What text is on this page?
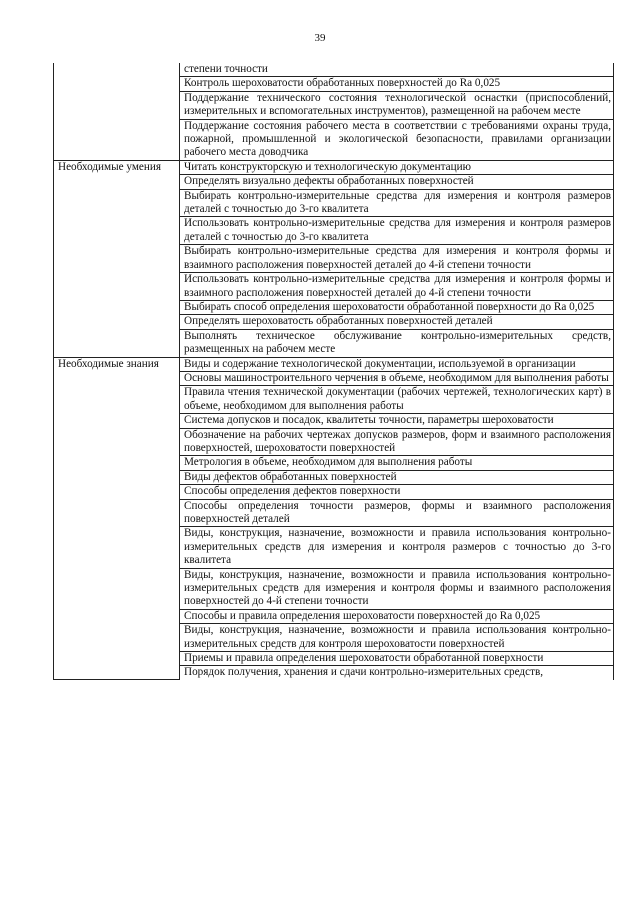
39
	степени точности
	Контроль шероховатости обработанных поверхностей до Ra 0,025
	Поддержание технического состояния технологической оснастки (приспособлений, измерительных и вспомогательных инструментов), размещенной на рабочем месте
	Поддержание состояния рабочего места в соответствии с требованиями охраны труда, пожарной, промышленной и экологической безопасности, правилами организации рабочего места доводчика
Необходимые умения	Читать конструкторскую и технологическую документацию
	Определять визуально дефекты обработанных поверхностей
	Выбирать контрольно-измерительные средства для измерения и контроля размеров деталей с точностью до 3-го квалитета
	Использовать контрольно-измерительные средства для измерения и контроля размеров деталей с точностью до 3-го квалитета
	Выбирать контрольно-измерительные средства для измерения и контроля формы и взаимного расположения поверхностей деталей до 4-й степени точности
	Использовать контрольно-измерительные средства для измерения и контроля формы и взаимного расположения поверхностей деталей до 4-й степени точности
	Выбирать способ определения шероховатости обработанной поверхности до Ra 0,025
	Определять шероховатость обработанных поверхностей деталей
	Выполнять техническое обслуживание контрольно-измерительных средств, размещенных на рабочем месте
Необходимые знания	Виды и содержание технологической документации, используемой в организации
	Основы машиностроительного черчения в объеме, необходимом для выполнения работы
	Правила чтения технической документации (рабочих чертежей, технологических карт) в объеме, необходимом для выполнения работы
	Система допусков и посадок, квалитеты точности, параметры шероховатости
	Обозначение на рабочих чертежах допусков размеров, форм и взаимного расположения поверхностей, шероховатости поверхностей
	Метрология в объеме, необходимом для выполнения работы
	Виды дефектов обработанных поверхностей
	Способы определения дефектов поверхности
	Способы определения точности размеров, формы и взаимного расположения поверхностей деталей
	Виды, конструкция, назначение, возможности и правила использования контрольно-измерительных средств для измерения и контроля размеров с точностью до 3-го квалитета
	Виды, конструкция, назначение, возможности и правила использования контрольно-измерительных средств для измерения и контроля формы и взаимного расположения поверхностей до 4-й степени точности
	Способы и правила определения шероховатости поверхностей до Ra 0,025
	Виды, конструкция, назначение, возможности и правила использования контрольно-измерительных средств для контроля шероховатости поверхностей
	Приемы и правила определения шероховатости обработанной поверхности
	Порядок получения, хранения и сдачи контрольно-измерительных средств,
